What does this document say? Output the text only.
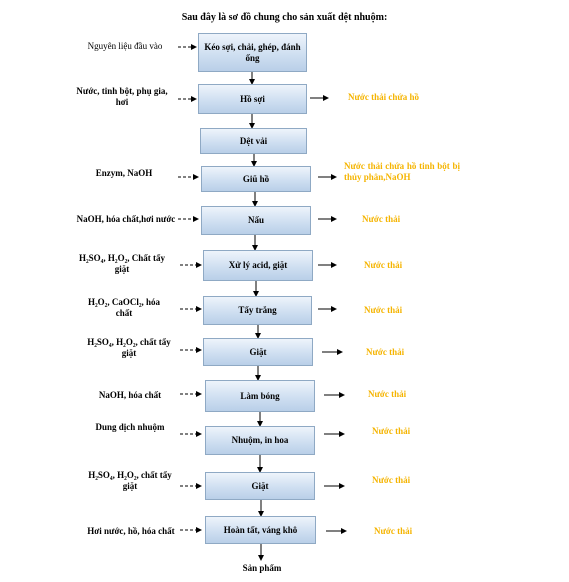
Sau đây là sơ đồ chung cho sản xuất dệt nhuộm:
Kéo sợi, chải, ghép, đánh ống
Hồ sợi
Dệt vải
Giũ hồ
Nấu
Xử lý acid, giặt
Tẩy trắng
Giặt
Làm bóng
Nhuộm, in hoa
Giặt
Hoàn tất, váng khô
Nguyên liệu đầu vào
Nước, tinh bột, phụ gia, hơi
Enzym, NaOH
NaOH, hóa chất,hơi nước
H₂SO₄, H₂O₂, Chất tẩy giặt
H₂O₂, CaOCl₂, hóa chất
H₂SO₄, H₂O₂, chất tẩy giặt
NaOH, hóa chất
Dung dịch nhuộm
H₂SO₄, H₂O₂, chất tẩy giặt
Hơi nước, hồ, hóa chất
Nước thải chứa hồ
Nước thải chứa hồ tinh bột bị thủy phân,NaOH
Nước thải
Nước thải
Nước thải
Nước thải
Nước thải
Nước thải
Nước thải
Nước thải
Sản phẩm
